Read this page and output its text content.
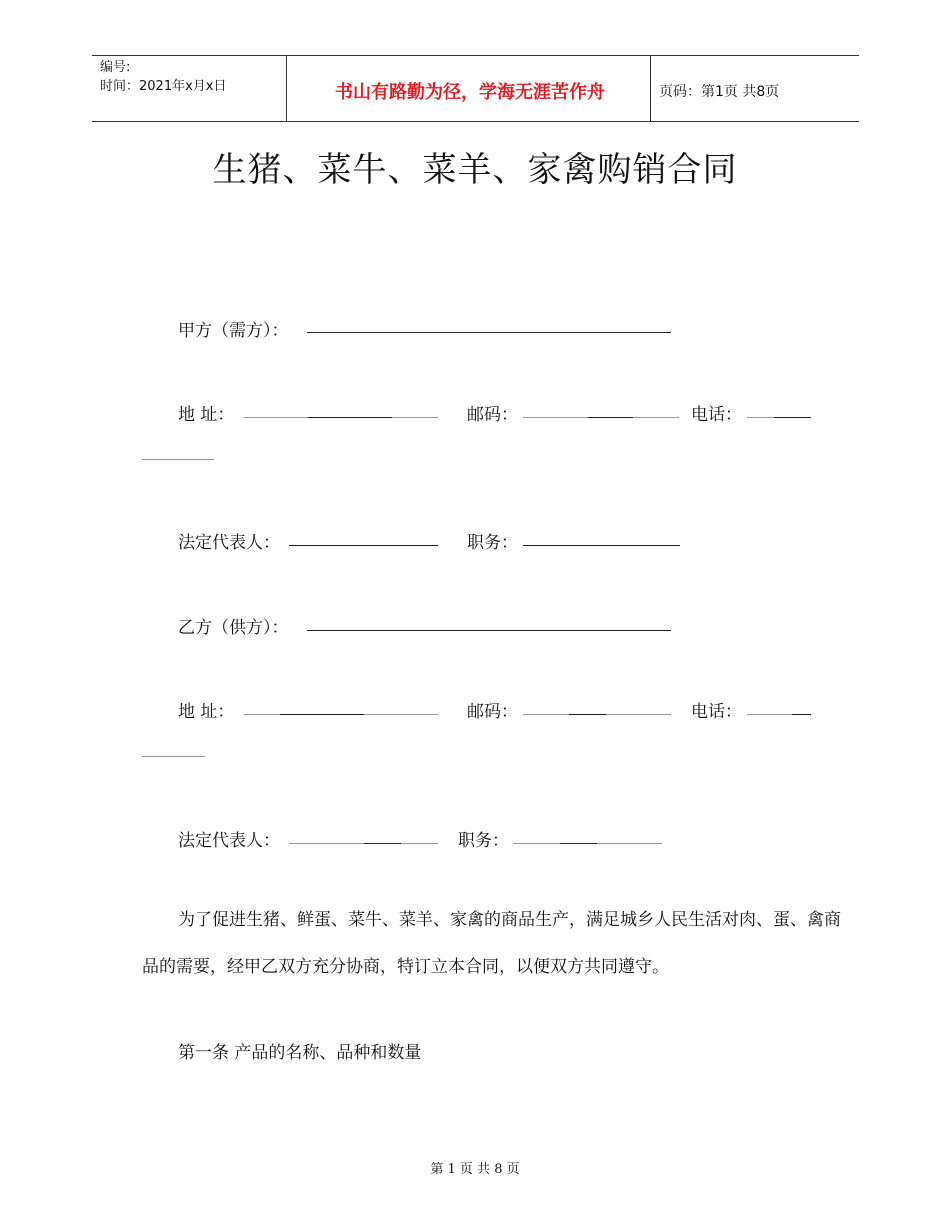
编号:
时间：2021年x月x日	书山有路勤为径，学海无涯苦作舟	页码：第1页 共8页
生猪、菜牛、菜羊、家禽购销合同
甲方（需方）：
地 址：	邮码：	电话：
法定代表人：	职务：
乙方（供方）：
地 址：	邮码：	电话：
法定代表人：	职务：
为了促进生猪、鲜蛋、菜牛、菜羊、家禽的商品生产，满足城乡人民生活对肉、蛋、禽商品的需要，经甲乙双方充分协商，特订立本合同，以便双方共同遵守。
第一条 产品的名称、品种和数量
第 1 页 共 8 页
